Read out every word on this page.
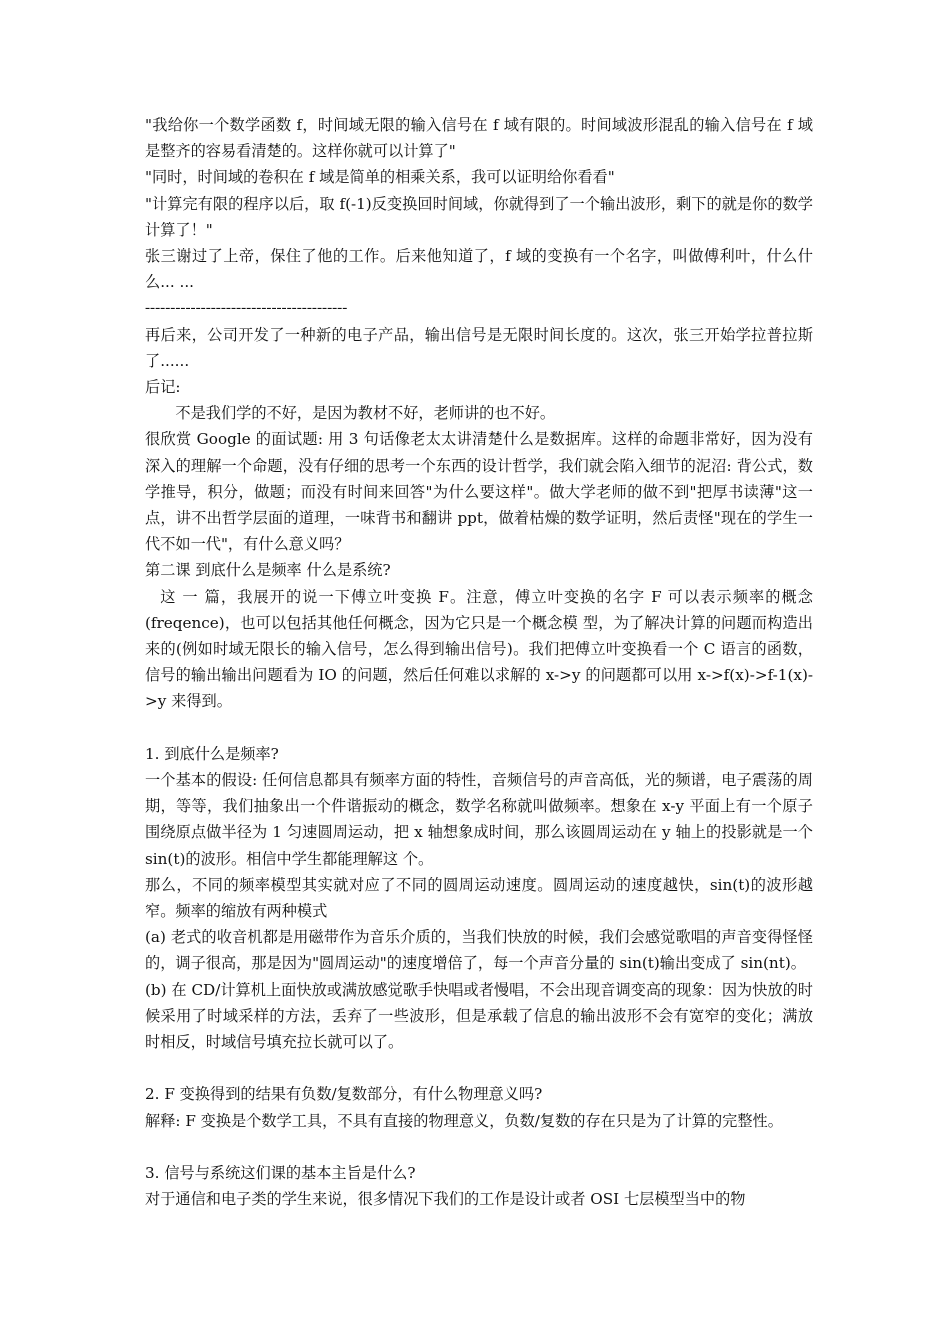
"我给你一个数学函数 f，时间域无限的输入信号在 f 域有限的。时间域波形混乱的输入信号在 f 域是整齐的容易看清楚的。这样你就可以计算了"

"同时，时间域的卷积在 f 域是简单的相乘关系，我可以证明给你看看"

"计算完有限的程序以后，取 f(-1)反变换回时间域，你就得到了一个输出波形，剩下的就是你的数学计算了！"

张三谢过了上帝，保住了他的工作。后来他知道了，f 域的变换有一个名字，叫做傅利叶，什么什么... ...

----------------------------------------

再后来，公司开发了一种新的电子产品，输出信号是无限时间长度的。这次，张三开始学拉普拉斯了......

后记:

不是我们学的不好，是因为教材不好，老师讲的也不好。

很欣赏 Google 的面试题: 用 3 句话像老太太讲清楚什么是数据库。这样的命题非常好，因为没有深入的理解一个命题，没有仔细的思考一个东西的设计哲学，我们就会陷入细节的泥沼: 背公式，数学推导，积分，做题；而没有时间来回答"为什么要这样"。做大学老师的做不到"把厚书读薄"这一点，讲不出哲学层面的道理，一味背书和翻讲 ppt，做着枯燥的数学证明，然后责怪"现在的学生一代不如一代"，有什么意义吗？

第二课 到底什么是频率 什么是系统?

这 一 篇，我展开的说一下傅立叶变换 F。注意，傅立叶变换的名字 F 可以表示频率的概念(freqence)，也可以包括其他任何概念，因为它只是一个概念模 型，为了解决计算的问题而构造出来的(例如时域无限长的输入信号，怎么得到输出信号)。我们把傅立叶变换看一个 C 语言的函数，信号的输出输出问题看为 IO 的问题，然后任何难以求解的 x->y 的问题都可以用 x->f(x)->f-1(x)->y 来得到。

1. 到底什么是频率?

一个基本的假设: 任何信息都具有频率方面的特性，音频信号的声音高低，光的频谱，电子震荡的周期，等等，我们抽象出一个件谐振动的概念，数学名称就叫做频率。想象在 x-y 平面上有一个原子围绕原点做半径为 1 匀速圆周运动，把 x 轴想象成时间，那么该圆周运动在 y 轴上的投影就是一个 sin(t)的波形。相信中学生都能理解这 个。

那么，不同的频率模型其实就对应了不同的圆周运动速度。圆周运动的速度越快，sin(t)的波形越窄。频率的缩放有两种模式

(a) 老式的收音机都是用磁带作为音乐介质的，当我们快放的时候，我们会感觉歌唱的声音变得怪怪的，调子很高，那是因为"圆周运动"的速度增倍了，每一个声音分量的 sin(t)输出变成了 sin(nt)。

(b) 在 CD/计算机上面快放或满放感觉歌手快唱或者慢唱，不会出现音调变高的现象：因为快放的时候采用了时域采样的方法，丢弃了一些波形，但是承载了信息的输出波形不会有宽窄的变化；满放时相反，时域信号填充拉长就可以了。

2. F 变换得到的结果有负数/复数部分，有什么物理意义吗?

解释: F 变换是个数学工具，不具有直接的物理意义，负数/复数的存在只是为了计算的完整性。

3. 信号与系统这们课的基本主旨是什么?

对于通信和电子类的学生来说，很多情况下我们的工作是设计或者 OSI 七层模型当中的物
